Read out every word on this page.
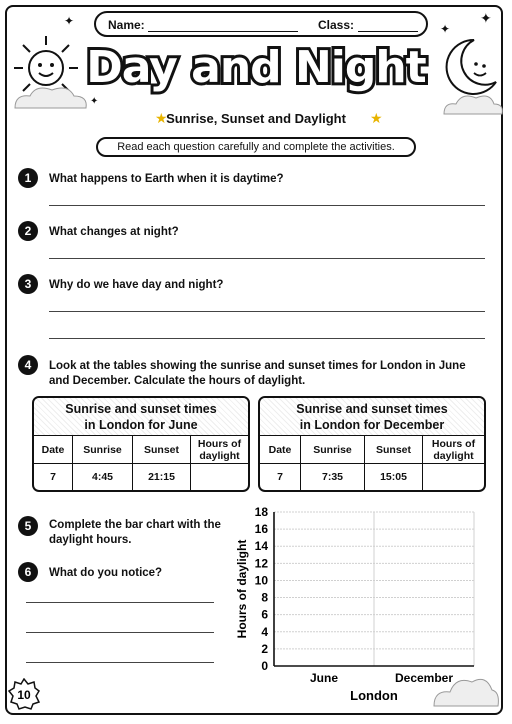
Name:	Class:
✦
✦
✦
✦
Day and Night
★
Sunrise, Sunset and Daylight	★
Read each question carefully and complete the activities.
1	What happens to Earth when it is daytime?
2	What changes at night?
3	Why do we have day and night?
4	Look at the tables showing the sunrise and sunset times for London in June and December. Calculate the hours of daylight.
Sunrise and sunset times
in London for June
Date	Sunrise	Sunset	Hours of daylight
7	4:45	21:15
Sunrise and sunset times
in London for December
Date	Sunrise	Sunset	Hours of daylight
7	7:35	15:05
5	Complete the bar chart with the daylight hours.
6	What do you notice?
0
2
4
6
8
10
12
14
16
18
June	December
London
Hours of daylight
10
